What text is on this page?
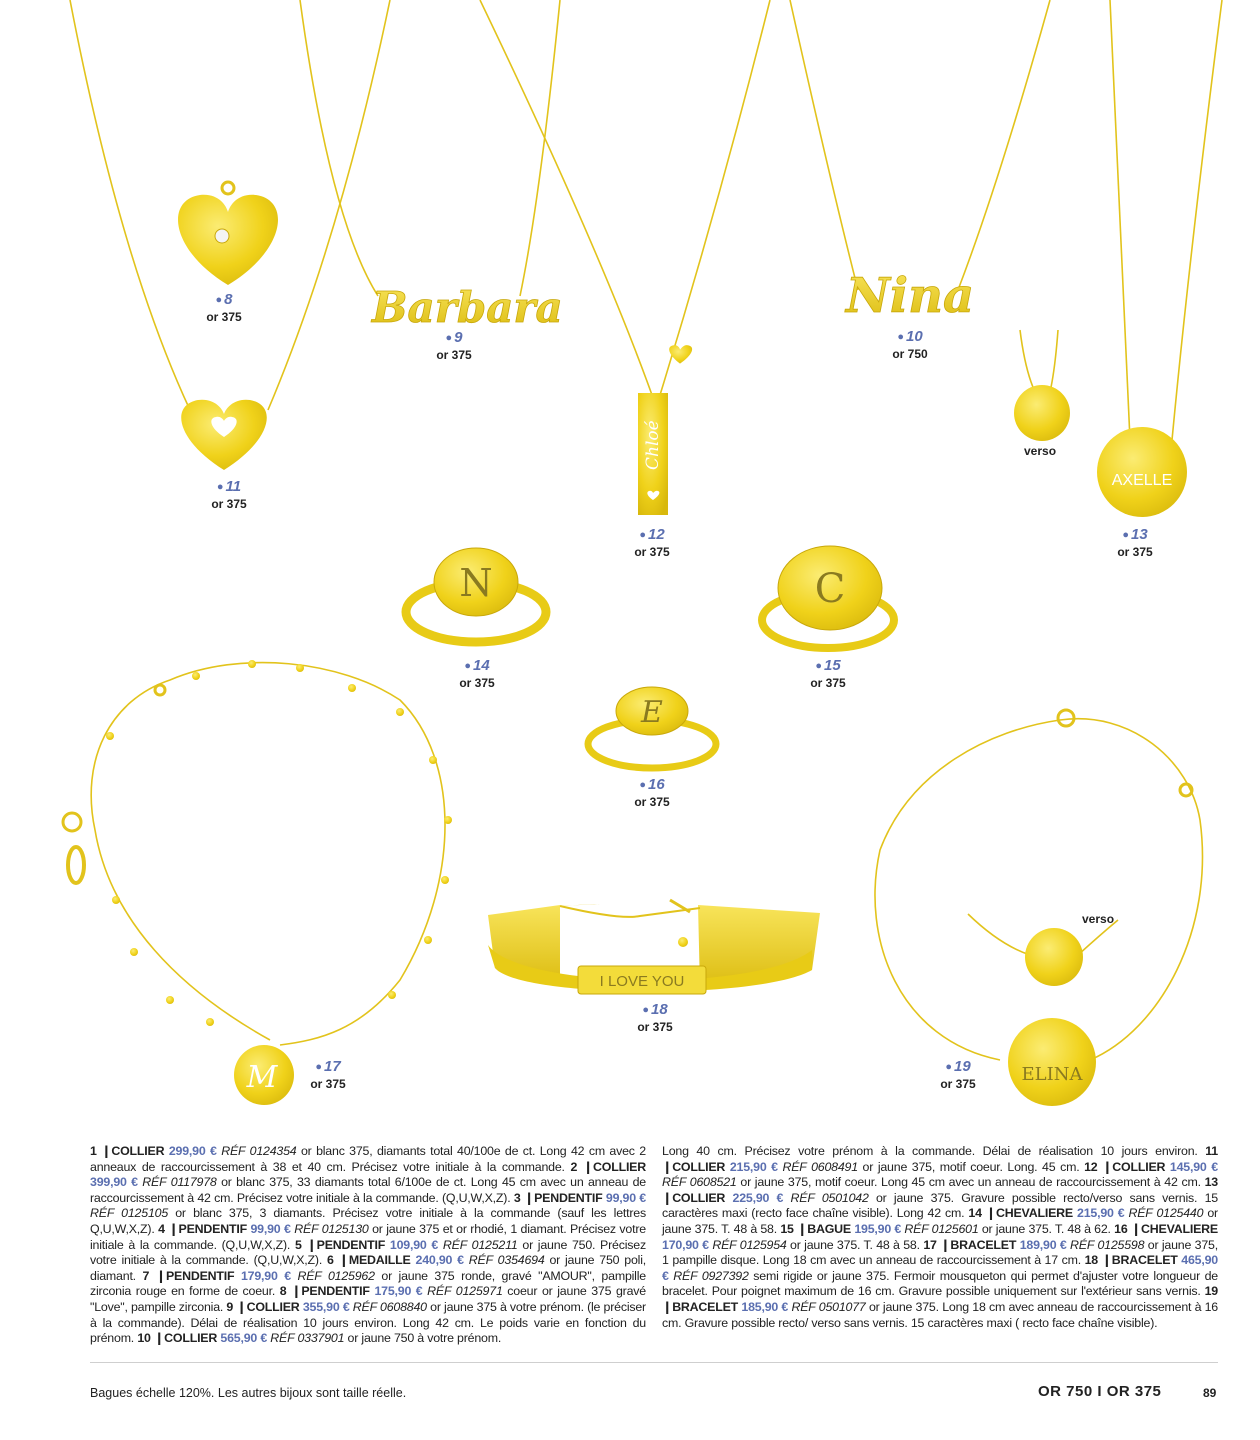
Barbara
Chloé
Nina
AXELLE
N	C
E
I LOVE YOU
M	ELINA
● 8
or 375
● 9
or 375
● 10
or 750
● 11
or 375
● 12
or 375
● 13
or 375
● 14
or 375
● 15
or 375
● 16
or 375
● 17
or 375
● 18
or 375
● 19
or 375
verso
verso
1 ❙COLLIER 299,90 € RÉF 0124354 or blanc 375, diamants total 40/100e de ct. Long 42 cm avec 2 anneaux de raccourcissement à 38 et 40 cm. Précisez votre initiale à la commande. 2 ❙COLLIER 399,90 € RÉF 0117978 or blanc 375, 33 diamants total 6/100e de ct. Long 45 cm avec un anneau de raccourcissement à 42 cm. Précisez votre initiale à la commande. (Q,U,W,X,Z). 3 ❙PENDENTIF 99,90 € RÉF 0125105 or blanc 375, 3 diamants. Précisez votre initiale à la commande (sauf les lettres Q,U,W,X,Z). 4 ❙PENDENTIF 99,90 € RÉF 0125130 or jaune 375 et or rhodié, 1 diamant. Précisez votre initiale à la commande. (Q,U,W,X,Z). 5 ❙PENDENTIF 109,90 € RÉF 0125211 or jaune 750. Précisez votre initiale à la commande. (Q,U,W,X,Z). 6 ❙MEDAILLE 240,90 € RÉF 0354694 or jaune 750 poli, diamant. 7 ❙PENDENTIF 179,90 € RÉF 0125962 or jaune 375 ronde, gravé "AMOUR", pampille zirconia rouge en forme de coeur. 8 ❙PENDENTIF 175,90 € RÉF 0125971 coeur or jaune 375 gravé "Love", pampille zirconia. 9 ❙COLLIER 355,90 € RÉF 0608840 or jaune 375 à votre prénom. (le préciser à la commande). Délai de réalisation 10 jours environ. Long 42 cm. Le poids varie en fonction du prénom. 10 ❙COLLIER 565,90 € RÉF 0337901 or jaune 750 à votre prénom.
Long 40 cm. Précisez votre prénom à la commande. Délai de réalisation 10 jours environ. 11 ❙COLLIER 215,90 € RÉF 0608491 or jaune 375, motif coeur. Long. 45 cm. 12 ❙COLLIER 145,90 € RÉF 0608521 or jaune 375, motif coeur. Long 45 cm avec un anneau de raccourcissement à 42 cm. 13 ❙COLLIER 225,90 € RÉF 0501042 or jaune 375. Gravure possible recto/verso sans vernis. 15 caractères maxi (recto face chaîne visible). Long 42 cm. 14 ❙CHEVALIERE 215,90 € RÉF 0125440 or jaune 375. T. 48 à 58. 15 ❙BAGUE 195,90 € RÉF 0125601 or jaune 375. T. 48 à 62. 16 ❙CHEVALIERE 170,90 € RÉF 0125954 or jaune 375. T. 48 à 58. 17 ❙BRACELET 189,90 € RÉF 0125598 or jaune 375, 1 pampille disque. Long 18 cm avec un anneau de raccourcissement à 17 cm. 18 ❙BRACELET 465,90 € RÉF 0927392 semi rigide or jaune 375. Fermoir mousqueton qui permet d'ajuster votre longueur de bracelet. Pour poignet maximum de 16 cm. Gravure possible uniquement sur l'extérieur sans vernis. 19 ❙BRACELET 185,90 € RÉF 0501077 or jaune 375. Long 18 cm avec anneau de raccourcissement à 16 cm. Gravure possible recto/ verso sans vernis. 15 caractères maxi ( recto face chaîne visible).
Bagues échelle 120%. Les autres bijoux sont taille réelle.	OR 750 I OR 375	89
